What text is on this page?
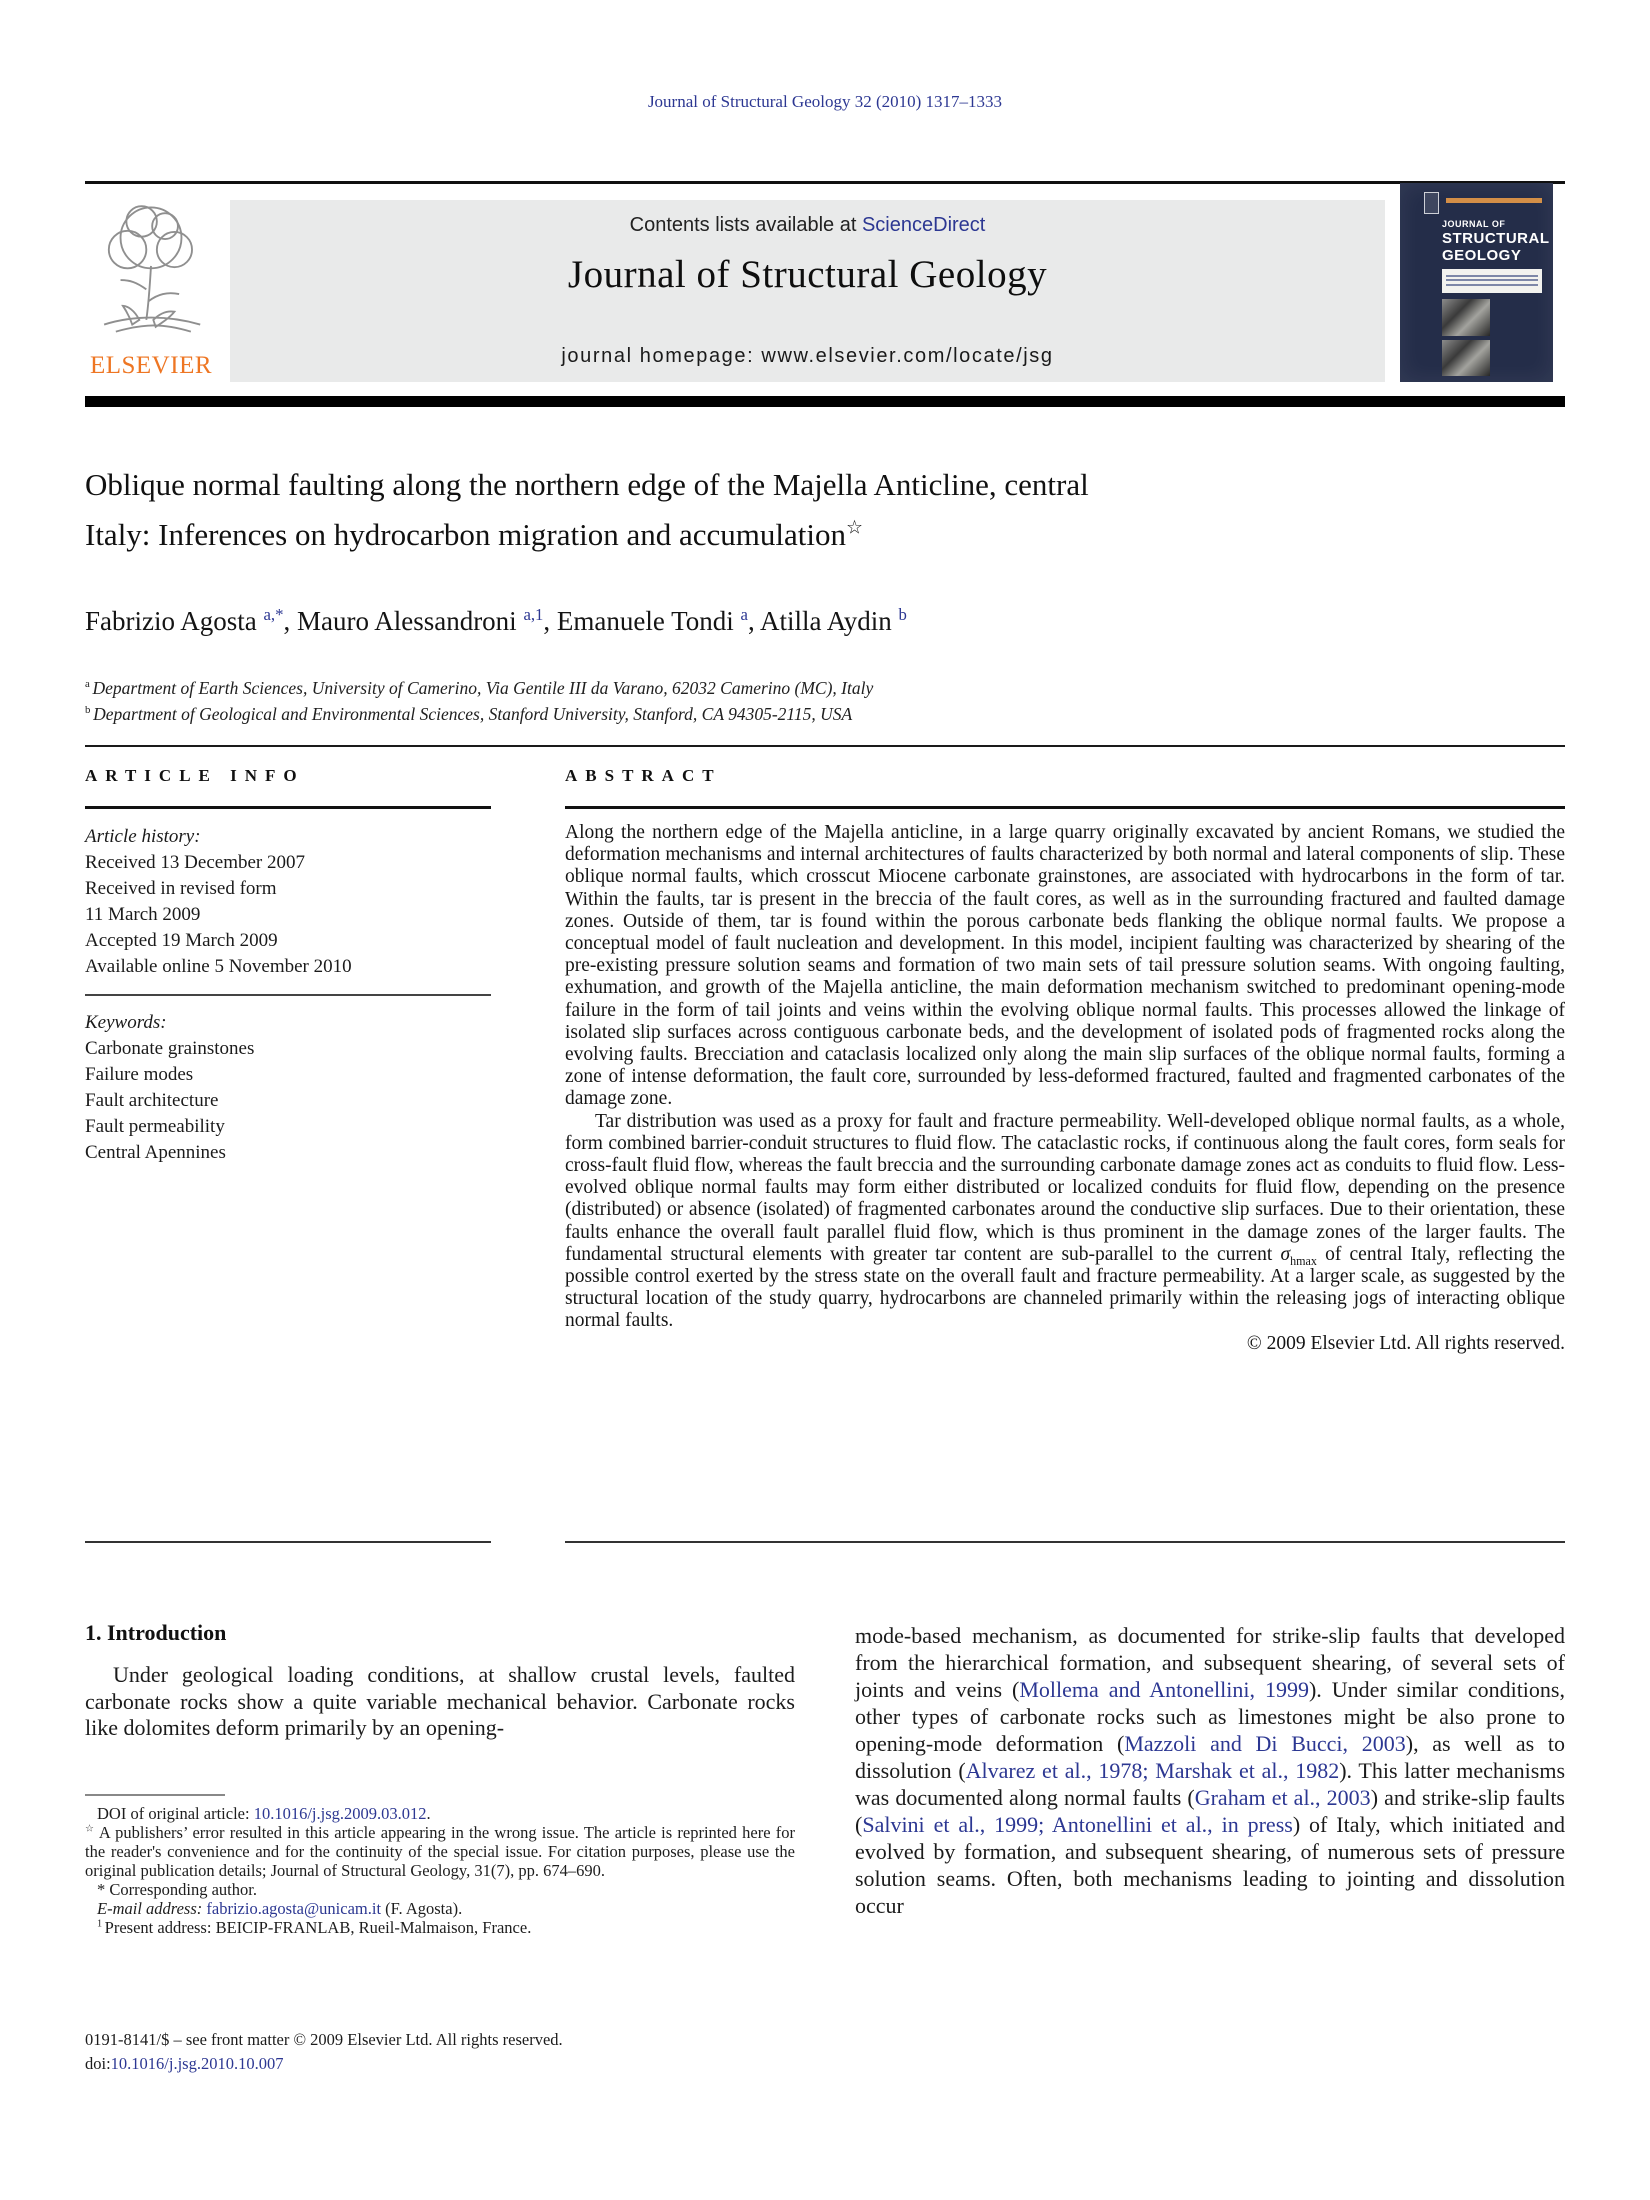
Journal of Structural Geology 32 (2010) 1317–1333
ELSEVIER
Contents lists available at ScienceDirect
Journal of Structural Geology
journal homepage: www.elsevier.com/locate/jsg
JOURNAL OF
STRUCTURAL
GEOLOGY
Oblique normal faulting along the northern edge of the Majella Anticline, central
Italy: Inferences on hydrocarbon migration and accumulation☆
Fabrizio Agosta $^{a,*}$, Mauro Alessandroni $^{a,1}$, Emanuele Tondi $^a$, Atilla Aydin $^b$
$^a$ Department of Earth Sciences, University of Camerino, Via Gentile III da Varano, 62032 Camerino (MC), Italy
$^b$ Department of Geological and Environmental Sciences, Stanford University, Stanford, CA 94305-2115, USA
ARTICLE INFO
Article history:
Received 13 December 2007
Received in revised form
11 March 2009
Accepted 19 March 2009
Available online 5 November 2010
Keywords:
Carbonate grainstones
Failure modes
Fault architecture
Fault permeability
Central Apennines
ABSTRACT

Along the northern edge of the Majella anticline, in a large quarry originally excavated by ancient Romans, we studied the deformation mechanisms and internal architectures of faults characterized by both normal and lateral components of slip. These oblique normal faults, which crosscut Miocene carbonate grainstones, are associated with hydrocarbons in the form of tar. Within the faults, tar is present in the breccia of the fault cores, as well as in the surrounding fractured and faulted damage zones. Outside of them, tar is found within the porous carbonate beds flanking the oblique normal faults. We propose a conceptual model of fault nucleation and development. In this model, incipient faulting was characterized by shearing of the pre-existing pressure solution seams and formation of two main sets of tail pressure solution seams. With ongoing faulting, exhumation, and growth of the Majella anticline, the main deformation mechanism switched to predominant opening-mode failure in the form of tail joints and veins within the evolving oblique normal faults. This processes allowed the linkage of isolated slip surfaces across contiguous carbonate beds, and the development of isolated pods of fragmented rocks along the evolving faults. Brecciation and cataclasis localized only along the main slip surfaces of the oblique normal faults, forming a zone of intense deformation, the fault core, surrounded by less-deformed fractured, faulted and fragmented carbonates of the damage zone.

Tar distribution was used as a proxy for fault and fracture permeability. Well-developed oblique normal faults, as a whole, form combined barrier-conduit structures to fluid flow. The cataclastic rocks, if continuous along the fault cores, form seals for cross-fault fluid flow, whereas the fault breccia and the surrounding carbonate damage zones act as conduits to fluid flow. Less-evolved oblique normal faults may form either distributed or localized conduits for fluid flow, depending on the presence (distributed) or absence (isolated) of fragmented carbonates around the conductive slip surfaces. Due to their orientation, these faults enhance the overall fault parallel fluid flow, which is thus prominent in the damage zones of the larger faults. The fundamental structural elements with greater tar content are sub-parallel to the current $\sigma_{hmax}$ of central Italy, reflecting the possible control exerted by the stress state on the overall fault and fracture permeability. At a larger scale, as suggested by the structural location of the study quarry, hydrocarbons are channeled primarily within the releasing jogs of interacting oblique normal faults.

© 2009 Elsevier Ltd. All rights reserved.

1. Introduction
Under geological loading conditions, at shallow crustal levels, faulted carbonate rocks show a quite variable mechanical behavior. Carbonate rocks like dolomites deform primarily by an opening-

DOI of original article: 10.1016/j.jsg.2009.03.012.

☆ A publishers’ error resulted in this article appearing in the wrong issue. The article is reprinted here for the reader's convenience and for the continuity of the special issue. For citation purposes, please use the original publication details; Journal of Structural Geology, 31(7), pp. 674–690.

* Corresponding author.

E-mail address: fabrizio.agosta@unicam.it (F. Agosta).

$^1$ Present address: BEICIP-FRANLAB, Rueil-Malmaison, France.

mode-based mechanism, as documented for strike-slip faults that developed from the hierarchical formation, and subsequent shearing, of several sets of joints and veins (Mollema and Antonellini, 1999). Under similar conditions, other types of carbonate rocks such as limestones might be also prone to opening-mode deformation (Mazzoli and Di Bucci, 2003), as well as to dissolution (Alvarez et al., 1978; Marshak et al., 1982). This latter mechanisms was documented along normal faults (Graham et al., 2003) and strike-slip faults (Salvini et al., 1999; Antonellini et al., in press) of Italy, which initiated and evolved by formation, and subsequent shearing, of numerous sets of pressure solution seams. Often, both mechanisms leading to jointing and dissolution occur
0191-8141/$ – see front matter © 2009 Elsevier Ltd. All rights reserved.
doi:10.1016/j.jsg.2010.10.007
